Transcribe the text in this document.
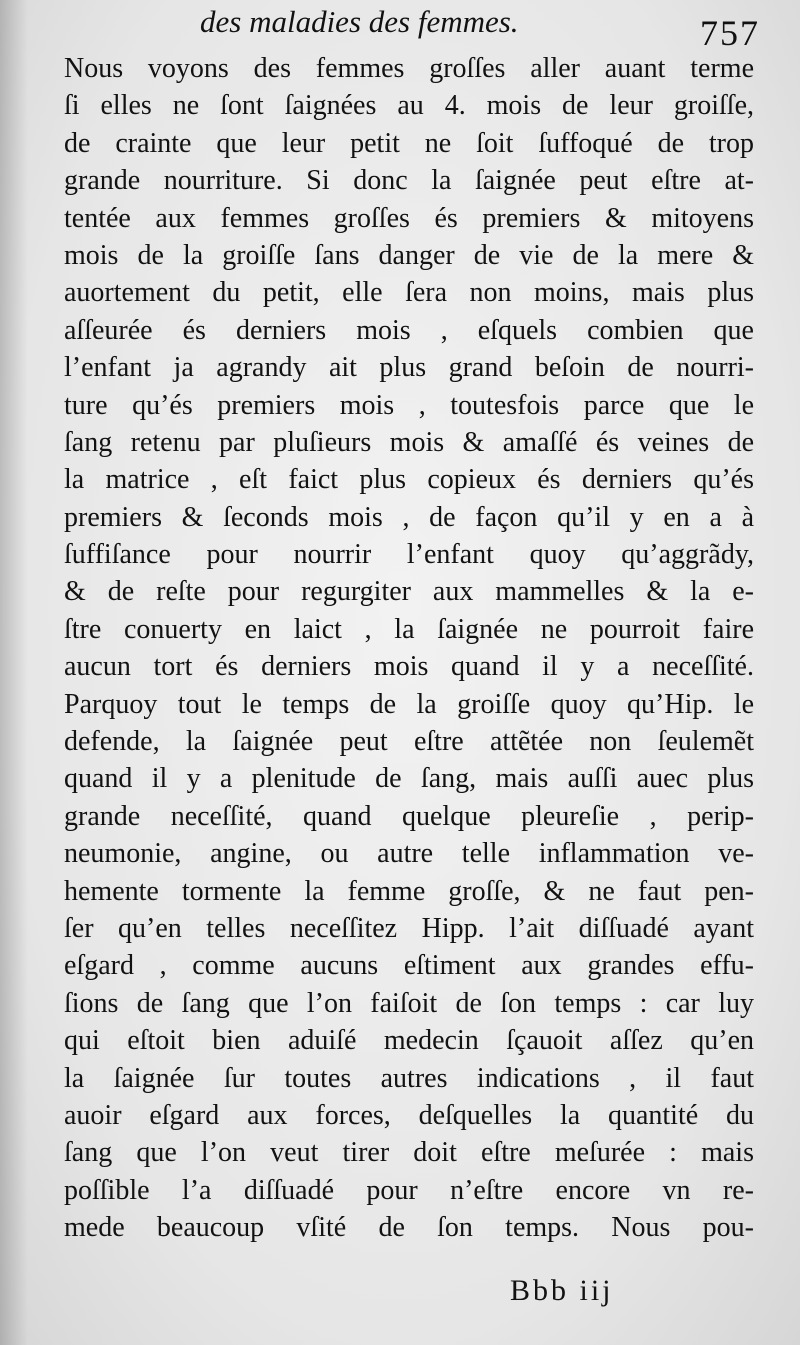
des maladies des femmes.	757
Nous voyons des femmes groſſes aller auant terme
ſi elles ne ſont ſaignées au 4. mois de leur groiſſe,
de crainte que leur petit ne ſoit ſuffoqué de trop
grande nourriture. Si donc la ſaignée peut eſtre at-
tentée aux femmes groſſes és premiers & mitoyens
mois de la groiſſe ſans danger de vie de la mere &
auortement du petit, elle ſera non moins, mais plus
aſſeurée és derniers mois , eſquels combien que
l’enfant ja agrandy ait plus grand beſoin de nourri-
ture qu’és premiers mois , toutesfois parce que le
ſang retenu par pluſieurs mois & amaſſé és veines de
la matrice , eſt faict plus copieux és derniers qu’és
premiers & ſeconds mois , de façon qu’il y en a à
ſuffiſance pour nourrir l’enfant quoy qu’aggrãdy,
& de reſte pour regurgiter aux mammelles & la e-
ſtre conuerty en laict , la ſaignée ne pourroit faire
aucun tort és derniers mois quand il y a neceſſité.
Parquoy tout le temps de la groiſſe quoy qu’Hip. le
defende, la ſaignée peut eſtre attẽtée non ſeulemẽt
quand il y a plenitude de ſang, mais auſſi auec plus
grande neceſſité, quand quelque pleureſie , perip-
neumonie, angine, ou autre telle inflammation ve-
hemente tormente la femme groſſe, & ne faut pen-
ſer qu’en telles neceſſitez Hipp. l’ait diſſuadé ayant
eſgard , comme aucuns eſtiment aux grandes effu-
ſions de ſang que l’on faiſoit de ſon temps : car luy
qui eſtoit bien aduiſé medecin ſçauoit aſſez qu’en
la ſaignée ſur toutes autres indications , il faut
auoir eſgard aux forces, deſquelles la quantité du
ſang que l’on veut tirer doit eſtre meſurée : mais
poſſible l’a diſſuadé pour n’eſtre encore vn re-
mede beaucoup vſité de ſon temps. Nous pou-
Bbb iij
